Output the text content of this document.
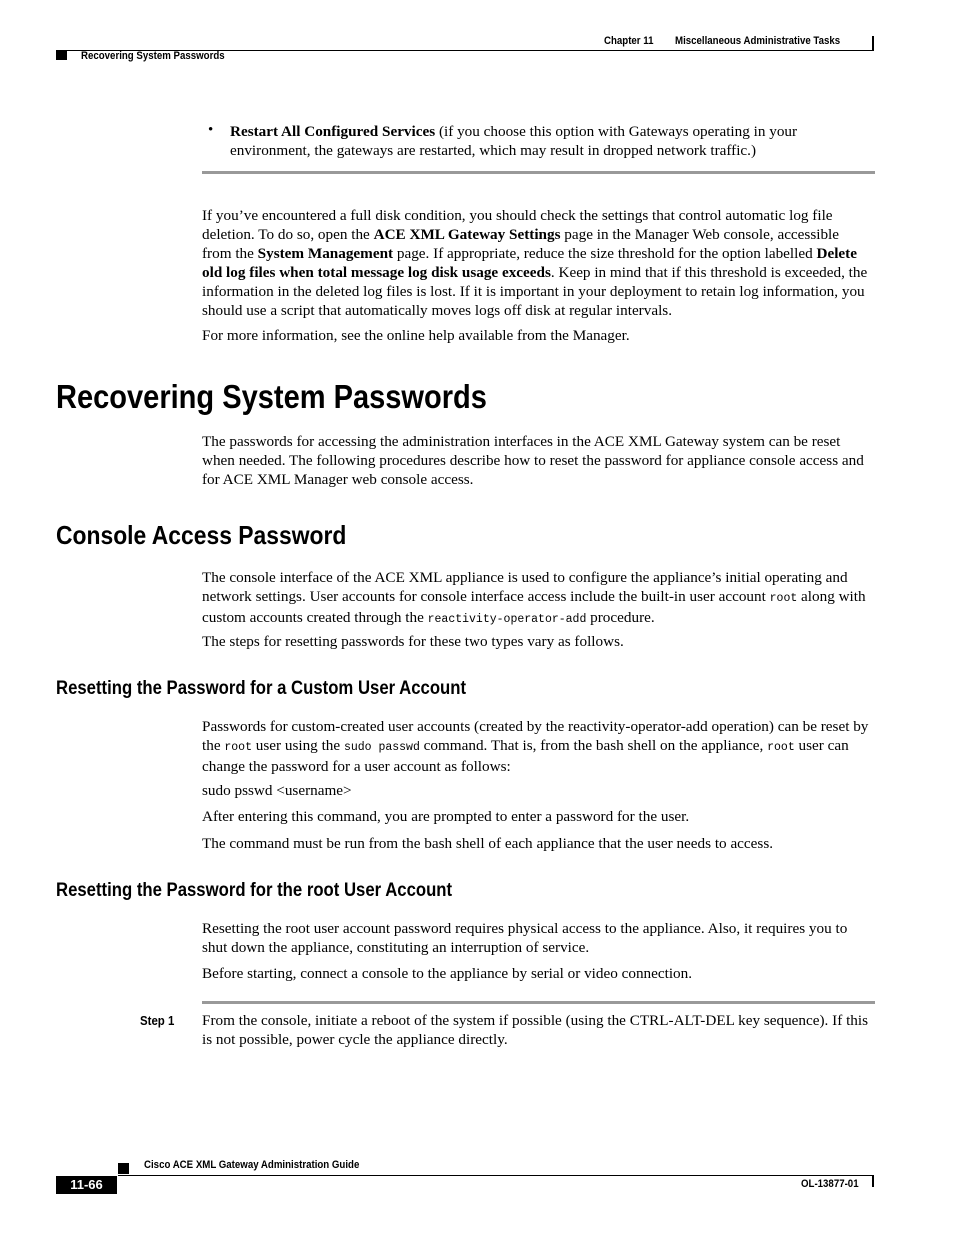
Chapter 11 Miscellaneous Administrative Tasks
Recovering System Passwords
• Restart All Configured Services (if you choose this option with Gateways operating in your environment, the gateways are restarted, which may result in dropped network traffic.)

If you’ve encountered a full disk condition, you should check the settings that control automatic log file deletion. To do so, open the ACE XML Gateway Settings page in the Manager Web console, accessible from the System Management page. If appropriate, reduce the size threshold for the option labelled Delete old log files when total message log disk usage exceeds. Keep in mind that if this threshold is exceeded, the information in the deleted log files is lost. If it is important in your deployment to retain log information, you should use a script that automatically moves logs off disk at regular intervals.

For more information, see the online help available from the Manager.
Recovering System Passwords
The passwords for accessing the administration interfaces in the ACE XML Gateway system can be reset when needed. The following procedures describe how to reset the password for appliance console access and for ACE XML Manager web console access.
Console Access Password

The console interface of the ACE XML appliance is used to configure the appliance’s initial operating and network settings. User accounts for console interface access include the built-in user account root along with custom accounts created through the reactivity-operator-add procedure.

The steps for resetting passwords for these two types vary as follows.
Resetting the Password for a Custom User Account

Passwords for custom-created user accounts (created by the reactivity-operator-add operation) can be reset by the root user using the sudo passwd command. That is, from the bash shell on the appliance, root user can change the password for a user account as follows:

sudo psswd <username>
After entering this command, you are prompted to enter a password for the user.
The command must be run from the bash shell of each appliance that the user needs to access.
Resetting the Password for the root User Account
Resetting the root user account password requires physical access to the appliance. Also, it requires you to shut down the appliance, constituting an interruption of service.
Before starting, connect a console to the appliance by serial or video connection.
Step 1 From the console, initiate a reboot of the system if possible (using the CTRL-ALT-DEL key sequence). If this is not possible, power cycle the appliance directly.
Cisco ACE XML Gateway Administration Guide
11-66	OL-13877-01
